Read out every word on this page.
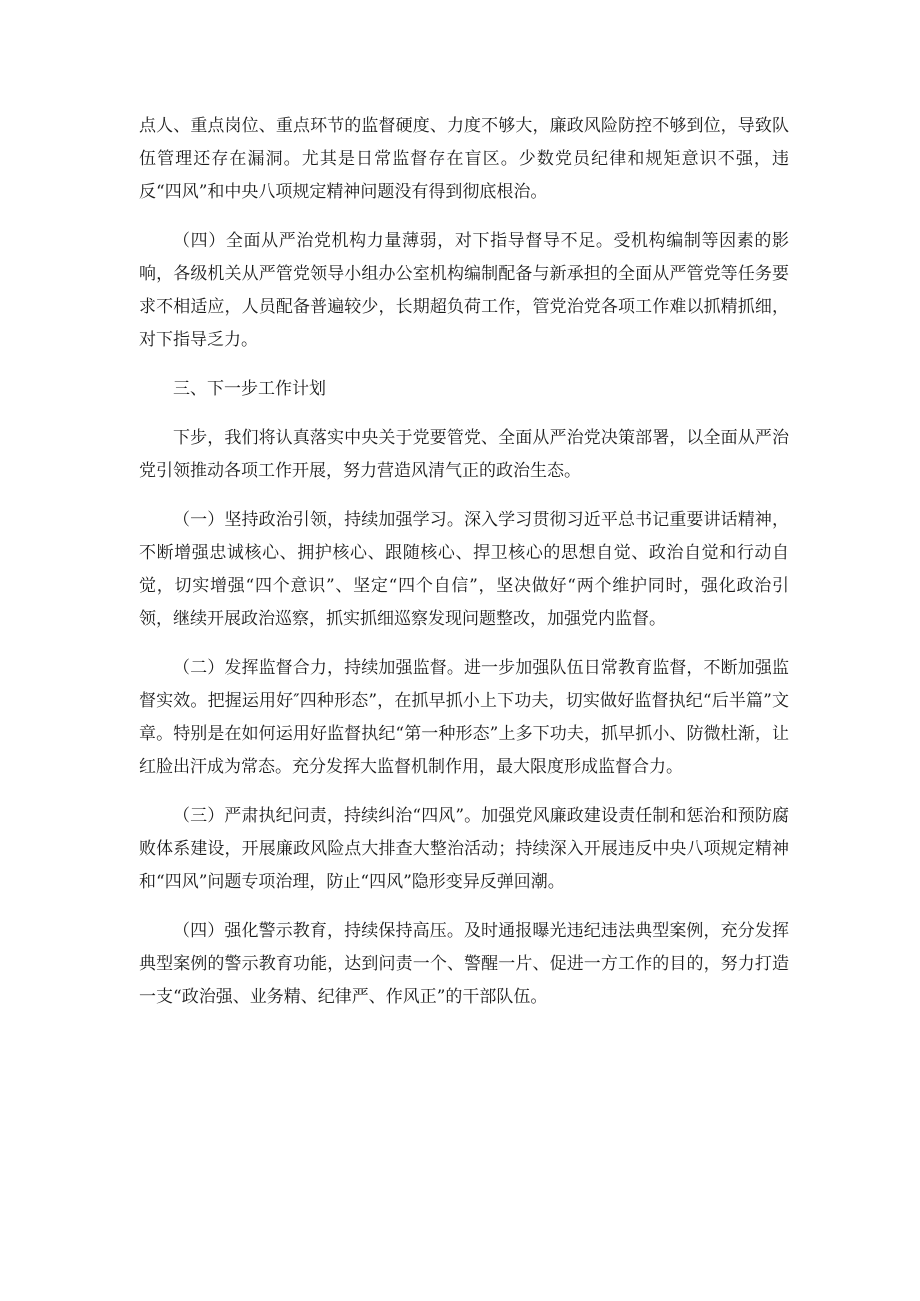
点人、重点岗位、重点环节的监督硬度、力度不够大，廉政风险防控不够到位，导致队伍管理还存在漏洞。尤其是日常监督存在盲区。少数党员纪律和规矩意识不强，违反“四风”和中央八项规定精神问题没有得到彻底根治。

（四）全面从严治党机构力量薄弱，对下指导督导不足。受机构编制等因素的影响，各级机关从严管党领导小组办公室机构编制配备与新承担的全面从严管党等任务要求不相适应，人员配备普遍较少，长期超负荷工作，管党治党各项工作难以抓精抓细，对下指导乏力。

三、下一步工作计划

下步，我们将认真落实中央关于党要管党、全面从严治党决策部署，以全面从严治党引领推动各项工作开展，努力营造风清气正的政治生态。

（一）坚持政治引领，持续加强学习。深入学习贯彻习近平总书记重要讲话精神，不断增强忠诚核心、拥护核心、跟随核心、捍卫核心的思想自觉、政治自觉和行动自觉，切实增强“四个意识”、坚定“四个自信”，坚决做好“两个维护同时，强化政治引领，继续开展政治巡察，抓实抓细巡察发现问题整改，加强党内监督。

（二）发挥监督合力，持续加强监督。进一步加强队伍日常教育监督，不断加强监督实效。把握运用好″四种形态”，在抓早抓小上下功夫，切实做好监督执纪“后半篇”文章。特别是在如何运用好监督执纪“第一种形态”上多下功夫，抓早抓小、防微杜渐，让红脸出汗成为常态。充分发挥大监督机制作用，最大限度形成监督合力。

（三）严肃执纪问责，持续纠治“四风”。加强党风廉政建设责任制和惩治和预防腐败体系建设，开展廉政风险点大排查大整治活动；持续深入开展违反中央八项规定精神和“四风”问题专项治理，防止“四风”隐形变异反弹回潮。

（四）强化警示教育，持续保持高压。及时通报曝光违纪违法典型案例，充分发挥典型案例的警示教育功能，达到问责一个、警醒一片、促进一方工作的目的，努力打造一支“政治强、业务精、纪律严、作风正”的干部队伍。
